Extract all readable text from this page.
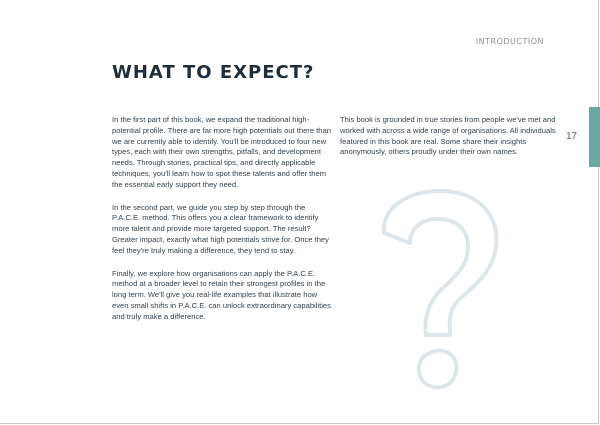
INTRODUCTION
WHAT TO EXPECT?

In the first part of this book, we expand the traditional high-potential profile. There are far more high potentials out there than we are currently able to identify. You'll be introduced to four new types, each with their own strengths, pitfalls, and development needs. Through stories, practical tips, and directly applicable techniques, you'll learn how to spot these talents and offer them the essential early support they need.

In the second part, we guide you step by step through the P.A.C.E. method. This offers you a clear framework to identify more talent and provide more targeted support. The result? Greater impact, exactly what high potentials strive for. Once they feel they're truly making a difference, they tend to stay.

Finally, we explore how organisations can apply the P.A.C.E. method at a broader level to retain their strongest profiles in the long term. We'll give you real-life examples that illustrate how even small shifts in P.A.C.E. can unlock extraordinary capabilities and truly make a difference.

This book is grounded in true stories from people we've met and worked with across a wide range of organisations. All individuals featured in this book are real. Some share their insights anonymously, others proudly under their own names.

17
